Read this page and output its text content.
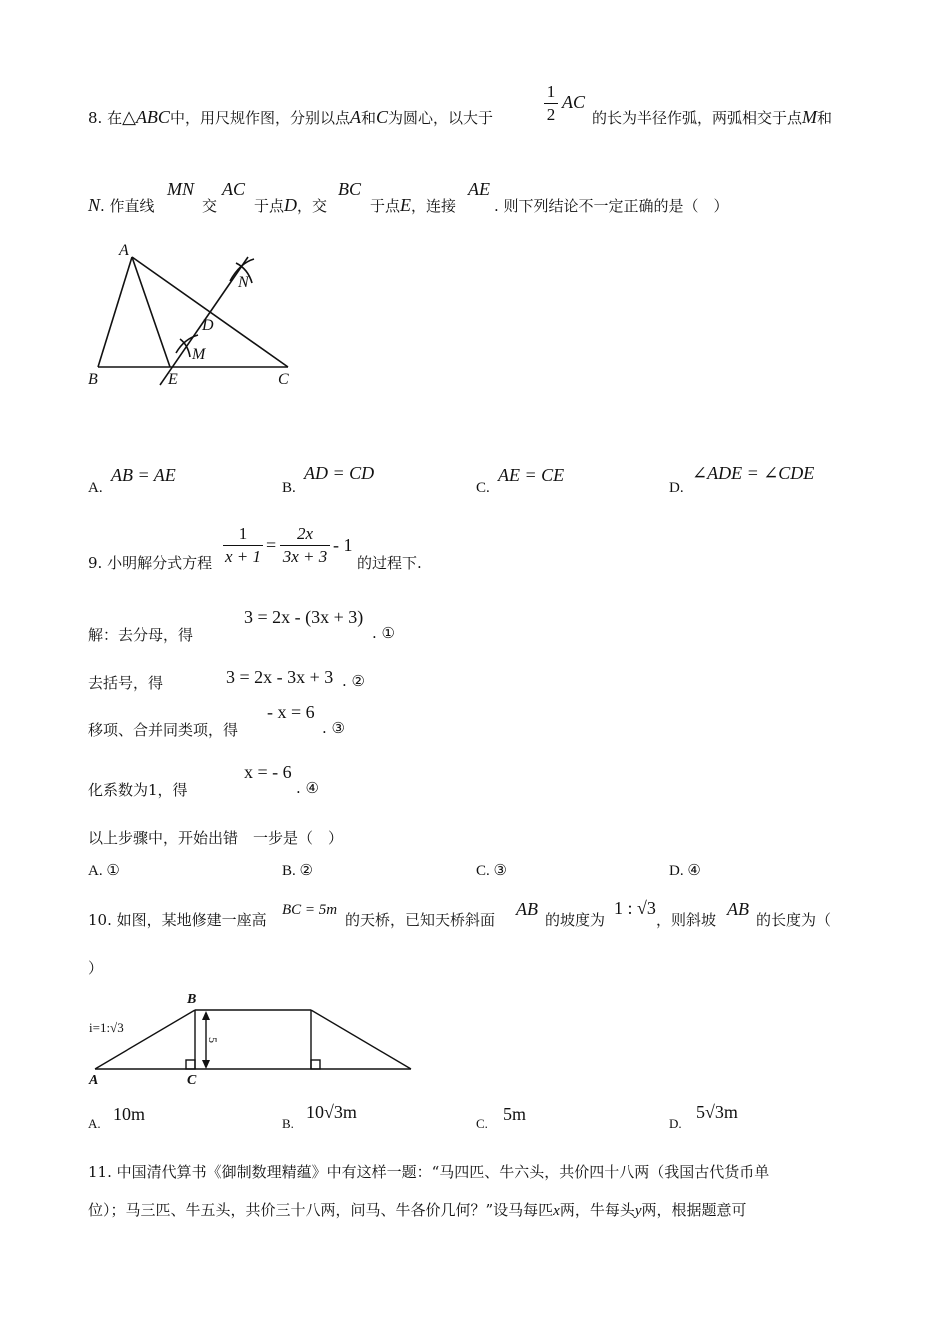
8. 在△ABC中，用尺规作图，分别以点A和C为圆心，以大于
1
2
AC
的长为半径作弧，两弧相交于点M和
N. 作直线
MN
交
AC
于点D，交
BC
于点E，连接
AE
. 则下列结论不一定正确的是（　）
A
B	E	C
D
M
N
A.
AB = AE
B.
AD = CD
C.
AE = CE
D.
∠ADE = ∠CDE
9. 小明解分式方程
1
x + 1
=
2x
3x + 3
- 1
的过程下.
解：去分母，得
3 = 2x - (3x + 3)
. ①
去括号，得	3 = 2x - 3x + 3 . ②
移项、合并同类项，得
- x = 6
. ③
化系数为1，得
x = - 6
. ④
以上步骤中，开始出错　一步是（　）
A. ①	B. ②	C. ③	D. ④
10. 如图，某地修建一座高
BC = 5m
的天桥，已知天桥斜面
AB
的坡度为
1 : √3
，则斜坡
AB
的长度为（
）
B
A	C
i=1:√3
5
A. 10m	B.
10√3m
C. 5m	D.
5√3m
11. 中国清代算书《御制数理精蕴》中有这样一题：“马四匹、牛六头，共价四十八两（我国古代货币单
位）；马三匹、牛五头，共价三十八两，问马、牛各价几何？”设马每匹x两，牛每头y两，根据题意可
